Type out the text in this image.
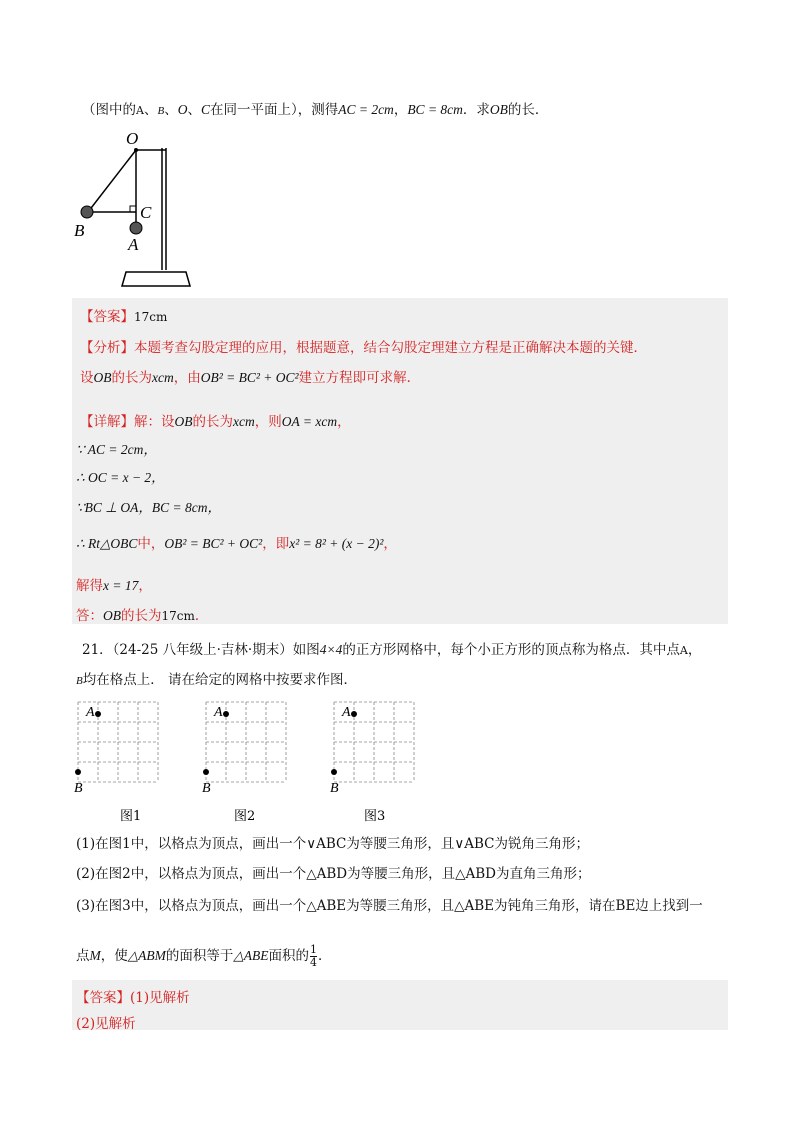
（图中的A、B、O、C在同一平面上），测得AC = 2cm，BC = 8cm．求OB的长．
O
C
B
A
【答案】17cm
【分析】本题考查勾股定理的应用，根据题意，结合勾股定理建立方程是正确解决本题的关键．
设OB的长为xcm，由OB² = BC² + OC²建立方程即可求解．
【详解】解：设OB的长为xcm，则OA = xcm，
∵ AC = 2cm，
∴ OC = x − 2，
∵BC ⊥ OA，BC = 8cm，
∴ Rt△OBC中，OB² = BC² + OC²，即x² = 8² + (x − 2)²，
解得x = 17，
答：OB的长为17cm．
21．（24-25 八年级上·吉林·期末）如图4×4的正方形网格中，每个小正方形的顶点称为格点．其中点A，
B均在格点上． 请在给定的网格中按要求作图．
A
B
图1
A
B
图2
A
B
图3
(1)在图1中，以格点为顶点，画出一个∨ABC为等腰三角形，且∨ABC为锐角三角形；
(2)在图2中，以格点为顶点，画出一个△ABD为等腰三角形，且△ABD为直角三角形；
(3)在图3中，以格点为顶点，画出一个△ABE为等腰三角形，且△ABE为钝角三角形，请在BE边上找到一
点M，使△ABM的面积等于△ABE面积的 $\frac{1}{4}$ ．
【答案】(1)见解析
(2)见解析
